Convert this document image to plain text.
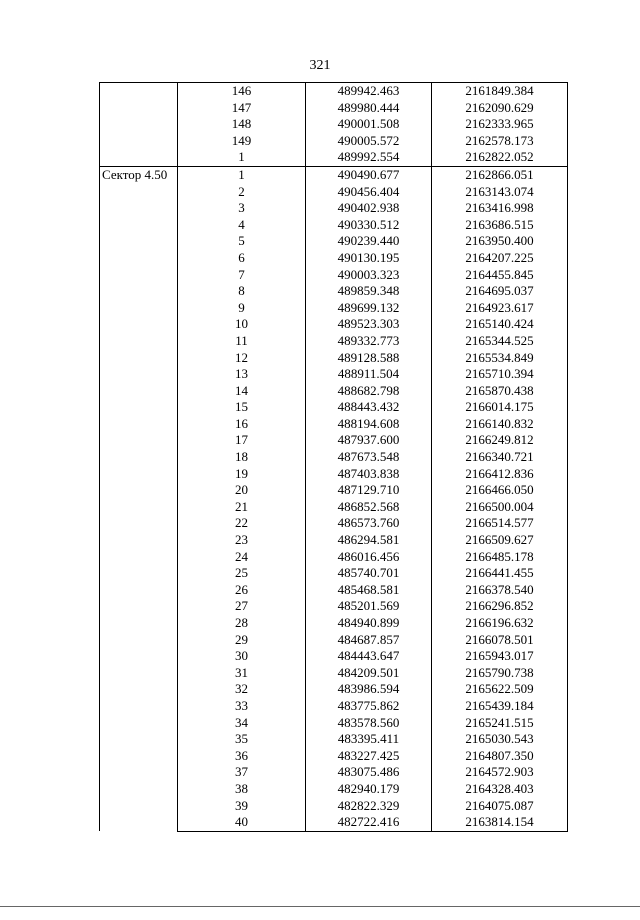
321
	146	489942.463	2161849.384
	147	489980.444	2162090.629
	148	490001.508	2162333.965
	149	490005.572	2162578.173
	1	489992.554	2162822.052
Сектор 4.50	1	490490.677	2162866.051
	2	490456.404	2163143.074
	3	490402.938	2163416.998
	4	490330.512	2163686.515
	5	490239.440	2163950.400
	6	490130.195	2164207.225
	7	490003.323	2164455.845
	8	489859.348	2164695.037
	9	489699.132	2164923.617
	10	489523.303	2165140.424
	11	489332.773	2165344.525
	12	489128.588	2165534.849
	13	488911.504	2165710.394
	14	488682.798	2165870.438
	15	488443.432	2166014.175
	16	488194.608	2166140.832
	17	487937.600	2166249.812
	18	487673.548	2166340.721
	19	487403.838	2166412.836
	20	487129.710	2166466.050
	21	486852.568	2166500.004
	22	486573.760	2166514.577
	23	486294.581	2166509.627
	24	486016.456	2166485.178
	25	485740.701	2166441.455
	26	485468.581	2166378.540
	27	485201.569	2166296.852
	28	484940.899	2166196.632
	29	484687.857	2166078.501
	30	484443.647	2165943.017
	31	484209.501	2165790.738
	32	483986.594	2165622.509
	33	483775.862	2165439.184
	34	483578.560	2165241.515
	35	483395.411	2165030.543
	36	483227.425	2164807.350
	37	483075.486	2164572.903
	38	482940.179	2164328.403
	39	482822.329	2164075.087
	40	482722.416	2163814.154
